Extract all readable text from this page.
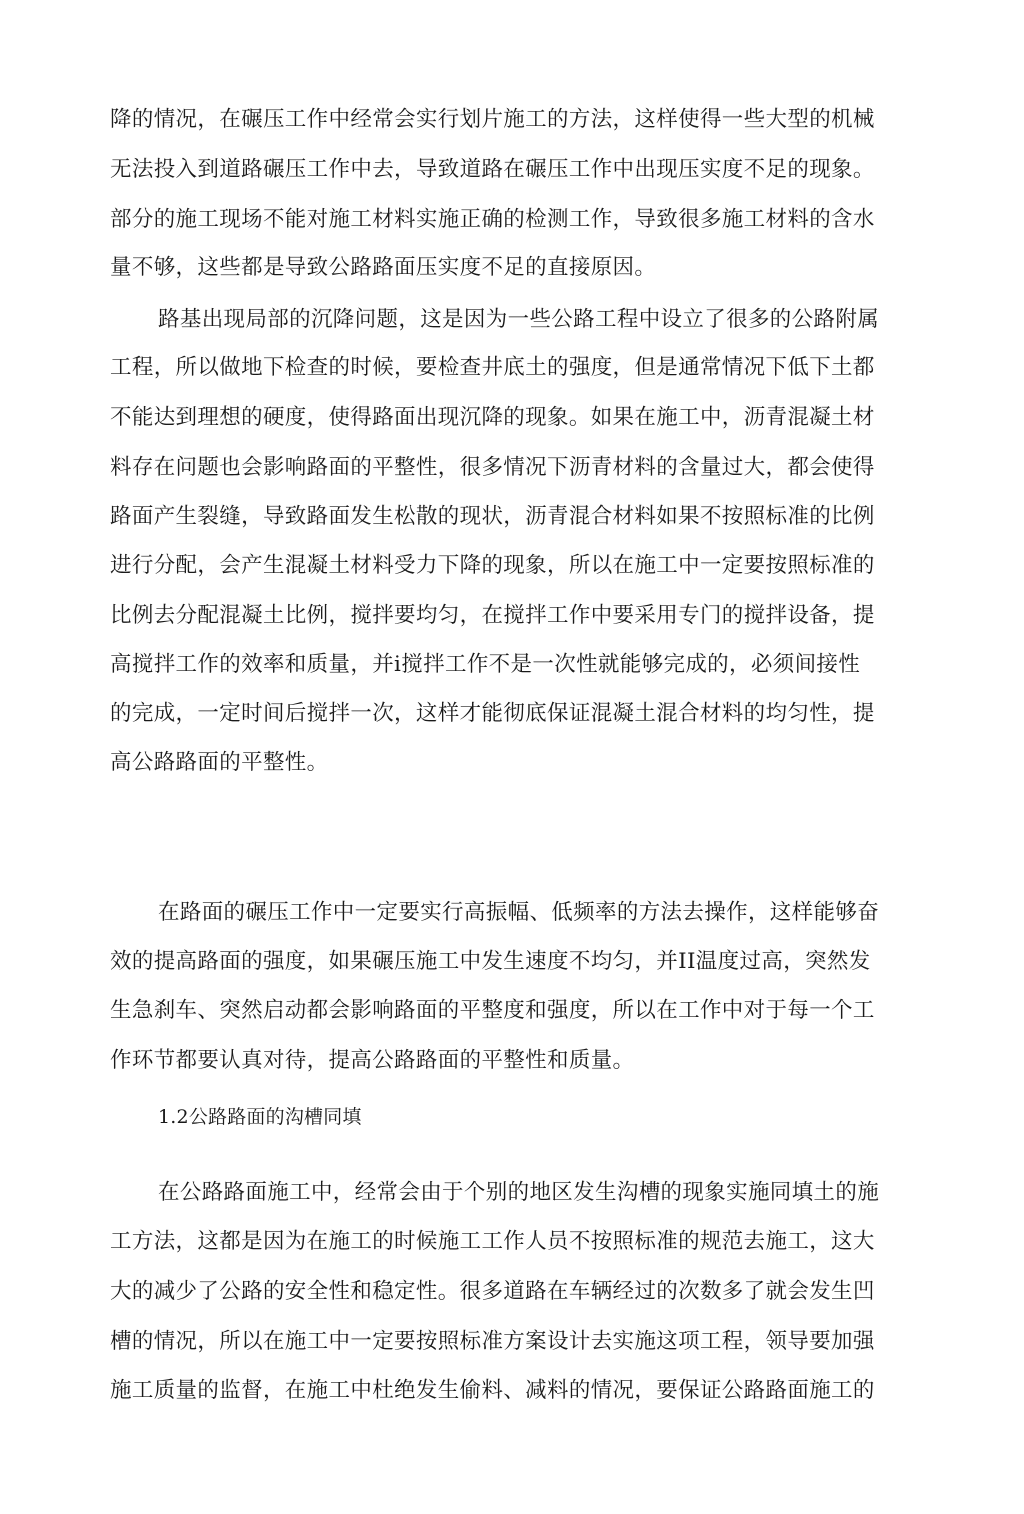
降的情况，在碾压工作中经常会实行划片施工的方法，这样使得一些大型的机械

无法投入到道路碾压工作中去，导致道路在碾压工作中出现压实度不足的现象。

部分的施工现场不能对施工材料实施正确的检测工作，导致很多施工材料的含水

量不够，这些都是导致公路路面压实度不足的直接原因。

路基出现局部的沉降问题，这是因为一些公路工程中设立了很多的公路附属

工程，所以做地下检查的时候，要检查井底土的强度，但是通常情况下低下土都

不能达到理想的硬度，使得路面出现沉降的现象。如果在施工中，沥青混凝土材

料存在问题也会影响路面的平整性，很多情况下沥青材料的含量过大，都会使得

路面产生裂缝，导致路面发生松散的现状，沥青混合材料如果不按照标准的比例

进行分配，会产生混凝土材料受力下降的现象，所以在施工中一定要按照标准的

比例去分配混凝土比例，搅拌要均匀，在搅拌工作中要采用专门的搅拌设备，提

高搅拌工作的效率和质量，并i搅拌工作不是一次性就能够完成的，必须间接性

的完成，一定时间后搅拌一次，这样才能彻底保证混凝土混合材料的均匀性，提

高公路路面的平整性。

在路面的碾压工作中一定要实行高振幅、低频率的方法去操作，这样能够奋

效的提高路面的强度，如果碾压施工中发生速度不均匀，并II温度过高，突然发

生急刹车、突然启动都会影响路面的平整度和强度，所以在工作中对于每一个工

作环节都要认真对待，提高公路路面的平整性和质量。

1.2公路路面的沟槽同填

在公路路面施工中，经常会由于个别的地区发生沟槽的现象实施同填土的施

工方法，这都是因为在施工的时候施工工作人员不按照标准的规范去施工，这大

大的减少了公路的安全性和稳定性。很多道路在车辆经过的次数多了就会发生凹

槽的情况，所以在施工中一定要按照标准方案设计去实施这项工程，领导要加强

施工质量的监督，在施工中杜绝发生偷料、减料的情况，要保证公路路面施工的
